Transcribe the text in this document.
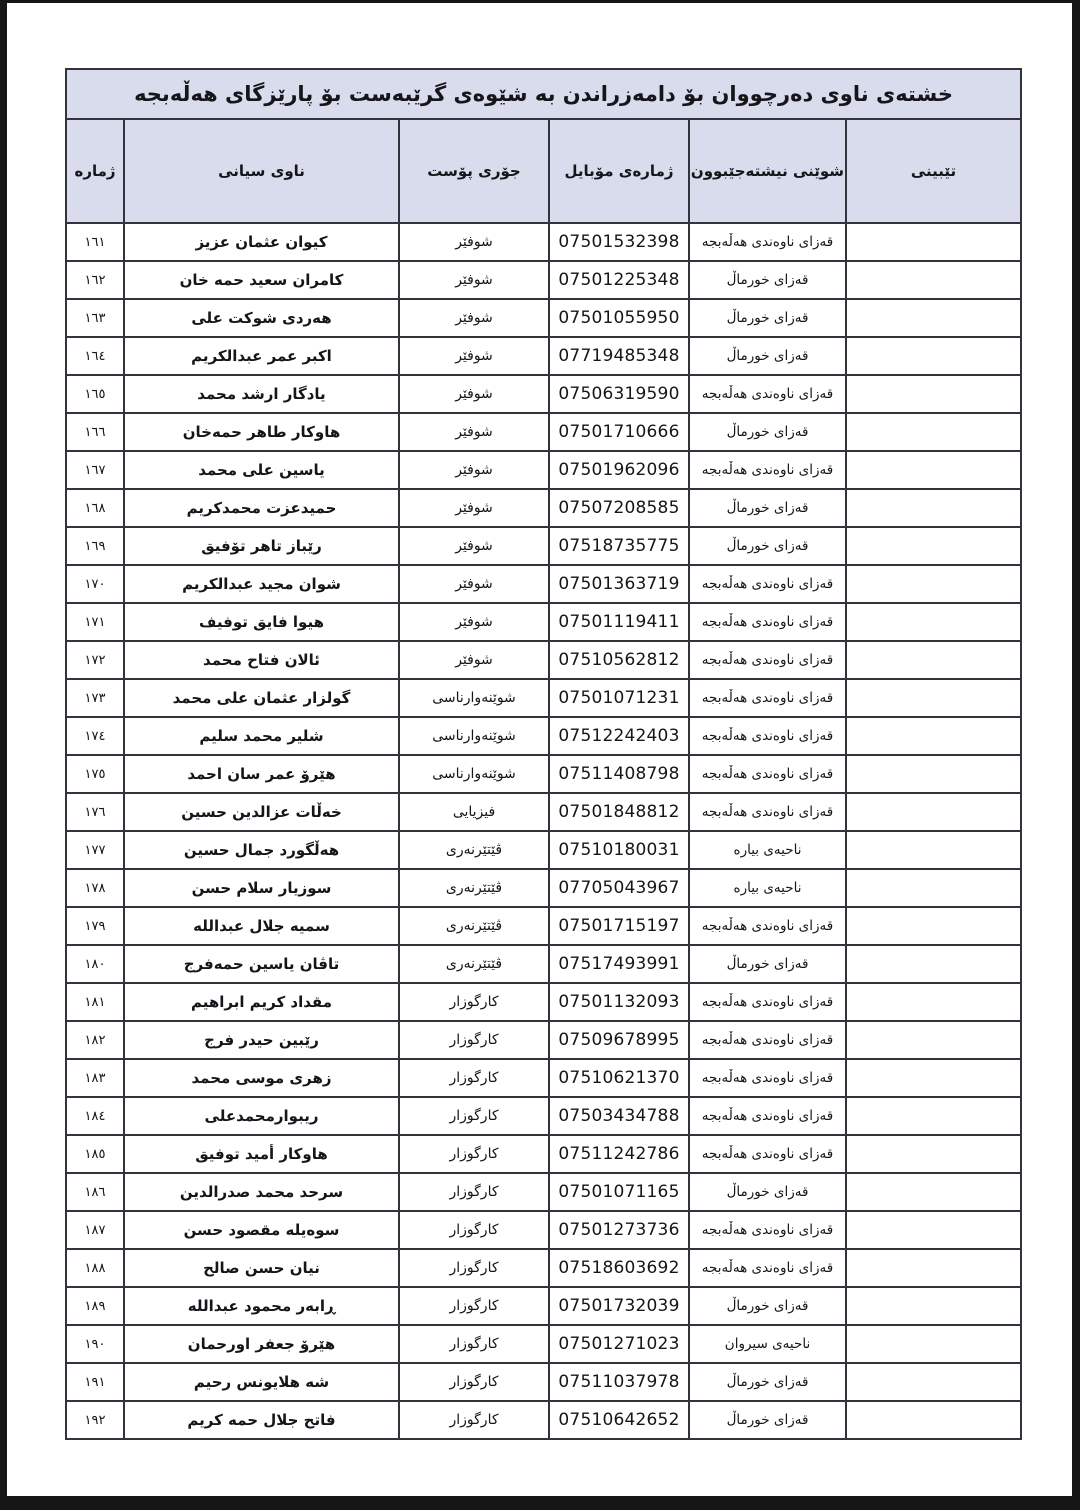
خشتەی ناوی دەرچووان بۆ دامەزراندن بە شێوەی گرێبەست بۆ پارێزگای هەڵەبجە					
ژماره	ناوی سیانی	جۆری پۆست	ژمارەی مۆبایل	شوێنی نیشتەجێبوون	تێبینی
١٦١	كيوان عثمان عزيز	شوفێر	07501532398	قەزای ناوەندی هەڵەبجە	
١٦٢	كامران سعيد حمه خان	شوفێر	07501225348	قەزای خورماڵ	
١٦٣	هەردی شوکت علی	شوفێر	07501055950	قەزای خورماڵ	
١٦٤	اكبر عمر عبدالكريم	شوفێر	07719485348	قەزای خورماڵ	
١٦٥	يادگار ارشد محمد	شوفێر	07506319590	قەزای ناوەندی هەڵەبجە	
١٦٦	هاوكار طاهر حمەخان	شوفێر	07501710666	قەزای خورماڵ	
١٦٧	ياسين على محمد	شوفێر	07501962096	قەزای ناوەندی هەڵەبجە	
١٦٨	حميدعزت محمدكريم	شوفێر	07507208585	قەزای خورماڵ	
١٦٩	رێباز تاهر تۆفيق	شوفێر	07518735775	قەزای خورماڵ	
١٧٠	شوان مجيد عبدالكريم	شوفێر	07501363719	قەزای ناوەندی هەڵەبجە	
١٧١	هيوا فايق توفيف	شوفێر	07501119411	قەزای ناوەندی هەڵەبجە	
١٧٢	ئالان فتاح محمد	شوفێر	07510562812	قەزای ناوەندی هەڵەبجە	
١٧٣	گولزار عثمان على محمد	شوێنەوارناسی	07501071231	قەزای ناوەندی هەڵەبجە	
١٧٤	شلير محمد سليم	شوێنەوارناسی	07512242403	قەزای ناوەندی هەڵەبجە	
١٧٥	هێرۆ عمر سان احمد	شوێنەوارناسی	07511408798	قەزای ناوەندی هەڵەبجە	
١٧٦	خەڵات عزالدين حسين	فيزيايی	07501848812	قەزای ناوەندی هەڵەبجە	
١٧٧	هەڵگورد جمال حسين	ڤێتێرنەری	07510180031	ناحیەی بیاره	
١٧٨	سوزيار سلام حسن	ڤێتێرنەری	07705043967	ناحیەی بیاره	
١٧٩	سميه جلال عبدالله	ڤێتێرنەری	07501715197	قەزای ناوەندی هەڵەبجە	
١٨٠	تاڤان ياسين حمەفرج	ڤێتێرنەری	07517493991	قەزای خورماڵ	
١٨١	مقداد كريم ابراهيم	كارگوزار	07501132093	قەزای ناوەندی هەڵەبجە	
١٨٢	رێبين حيدر فرج	كارگوزار	07509678995	قەزای ناوەندی هەڵەبجە	
١٨٣	زهری موسی محمد	كارگوزار	07510621370	قەزای ناوەندی هەڵەبجە	
١٨٤	ريبوارمحمدعلی	كارگوزار	07503434788	قەزای ناوەندی هەڵەبجە	
١٨٥	هاوكار أميد توفيق	كارگوزار	07511242786	قەزای ناوەندی هەڵەبجە	
١٨٦	سرحد محمد صدرالدين	كارگوزار	07501071165	قەزای خورماڵ	
١٨٧	سوەيلە مقصود حسن	كارگوزار	07501273736	قەزای ناوەندی هەڵەبجە	
١٨٨	نيان حسن صالح	كارگوزار	07518603692	قەزای ناوەندی هەڵەبجە	
١٨٩	ڕابەر محمود عبدالله	كارگوزار	07501732039	قەزای خورماڵ	
١٩٠	هێرۆ جعفر اورحمان	كارگوزار	07501271023	ناحیەی سیروان	
١٩١	شه هلایونس رحیم	كارگوزار	07511037978	قەزای خورماڵ	
١٩٢	فاتح جلال حمه كريم	كارگوزار	07510642652	قەزای خورماڵ	
